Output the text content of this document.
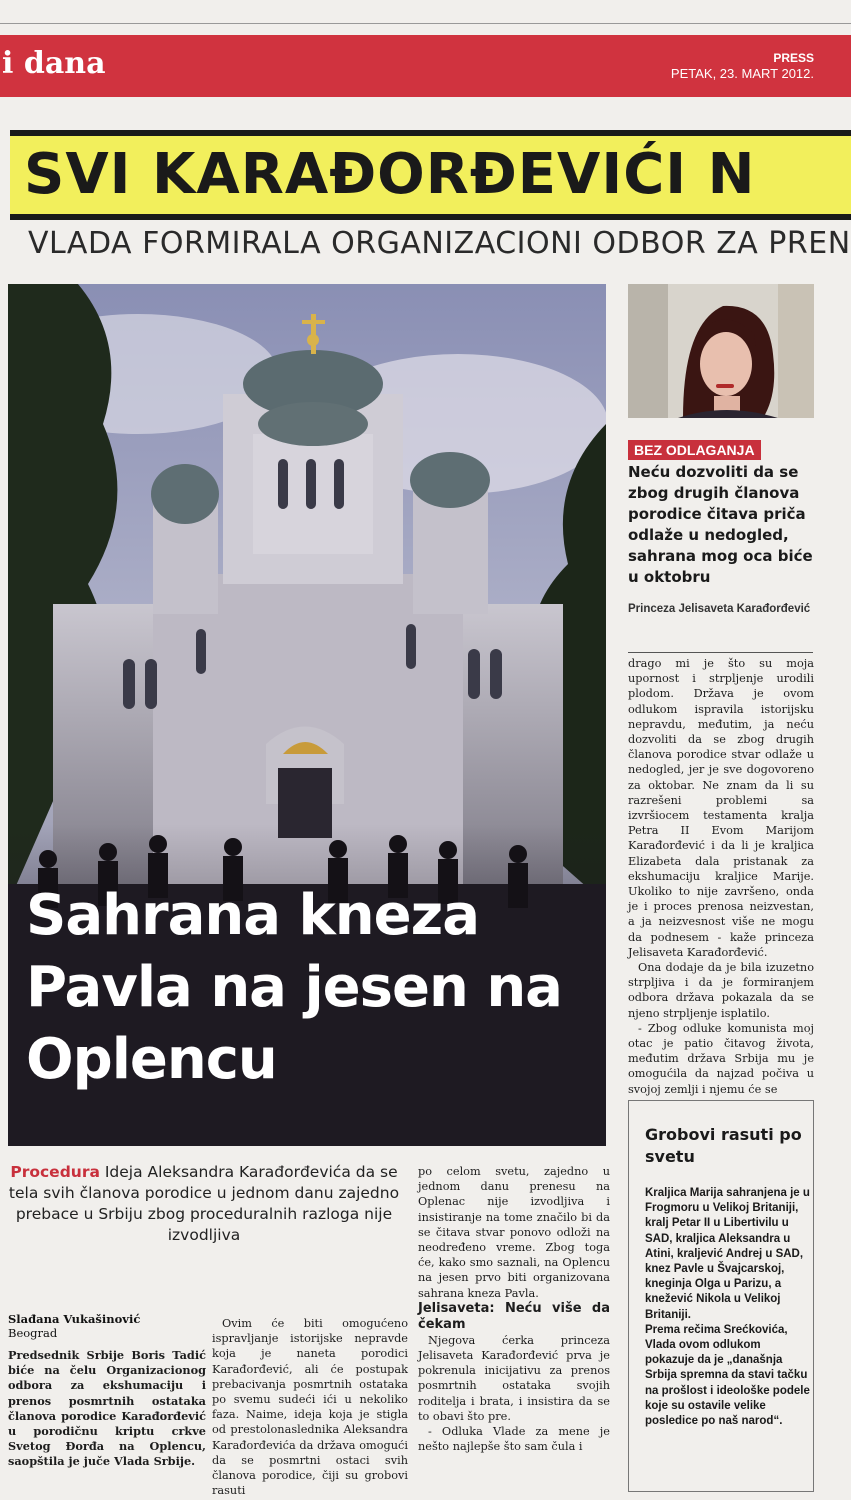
i dana	PRESS
PETAK, 23. MART 2012.
SVI KARAĐORĐEVIĆI N
VLADA FORMIRALA ORGANIZACIONI ODBOR ZA PREN
Sahrana kneza Pavla na jesen na Oplencu
BEZ ODLAGANJA
Neću dozvoliti da se zbog drugih članova porodice čitava priča odlaže u nedogled, sahrana mog oca biće u oktobru
Princeza Jelisaveta Karađorđević

drago mi je što su moja upornost i strpljenje urodili plodom. Država je ovom odlukom ispravila istorijsku nepravdu, međutim, ja neću dozvoliti da se zbog drugih članova porodice stvar odlaže u nedogled, jer je sve dogovoreno za oktobar. Ne znam da li su razrešeni problemi sa izvršiocem testamenta kralja Petra II Evom Marijom Karađorđević i da li je kraljica Elizabeta dala pristanak za ekshumaciju kraljice Marije. Ukoliko to nije završeno, onda je i proces prenosa neizvestan, a ja neizvesnost više ne mogu da podnesem - kaže princeza Jelisaveta Karađorđević.

Ona dodaje da je bila izuzetno strpljiva i da je formiranjem odbora država pokazala da se njeno strpljenje isplatilo.

- Zbog odluke komunista moj otac je patio čitavog života, međutim država Srbija mu je omogućila da najzad počiva u svojoj zemlji i njemu će se

Grobovi rasuti po svetu
Kraljica Marija sahranjena je u Frogmoru u Velikoj Britaniji, kralj Petar II u Libertivilu u SAD, kraljica Aleksandra u Atini, kraljević Andrej u SAD, knez Pavle u Švajcarskoj, kneginja Olga u Parizu, a knežević Nikola u Velikoj Britaniji.
Prema rečima Srećkovića, Vlada ovom odlukom pokazuje da je „današnja Srbija spremna da stavi tačku na prošlost i ideološke podele koje su ostavile velike posledice po naš narod“.
Procedura Ideja Aleksandra Karađorđevića da se tela svih članova porodice u jednom danu zajedno prebace u Srbiju zbog proceduralnih razloga nije izvodljiva
Slađana Vukašinović
Beograd

Predsednik Srbije Boris Tadić biće na čelu Organizacionog odbora za ekshumaciju i prenos posmrtnih ostataka članova porodice Karađorđević u porodičnu kriptu crkve Svetog Đorđa na Oplencu, saopštila je juče Vlada Srbije.

Ovim će biti omogućeno ispravljanje istorijske nepravde koja je naneta porodici Karađorđević, ali će postupak prebacivanja posmrtnih ostataka po svemu sudeći ići u nekoliko faza. Naime, ideja koja je stigla od prestolonaslednika Aleksandra Karađorđevića da država omogući da se posmrtni ostaci svih članova porodice, čiji su grobovi rasuti

po celom svetu, zajedno u jednom danu prenesu na Oplenac nije izvodljiva i insistiranje na tome značilo bi da se čitava stvar ponovo odloži na neodređeno vreme. Zbog toga će, kako smo saznali, na Oplencu na jesen prvo biti organizovana sahrana kneza Pavla.

Jelisaveta: Neću više da čekam

Njegova ćerka princeza Jelisaveta Karađorđević prva je pokrenula inicijativu za prenos posmrtnih ostataka svojih roditelja i brata, i insistira da se to obavi što pre.

- Odluka Vlade za mene je nešto najlepše što sam čula i
